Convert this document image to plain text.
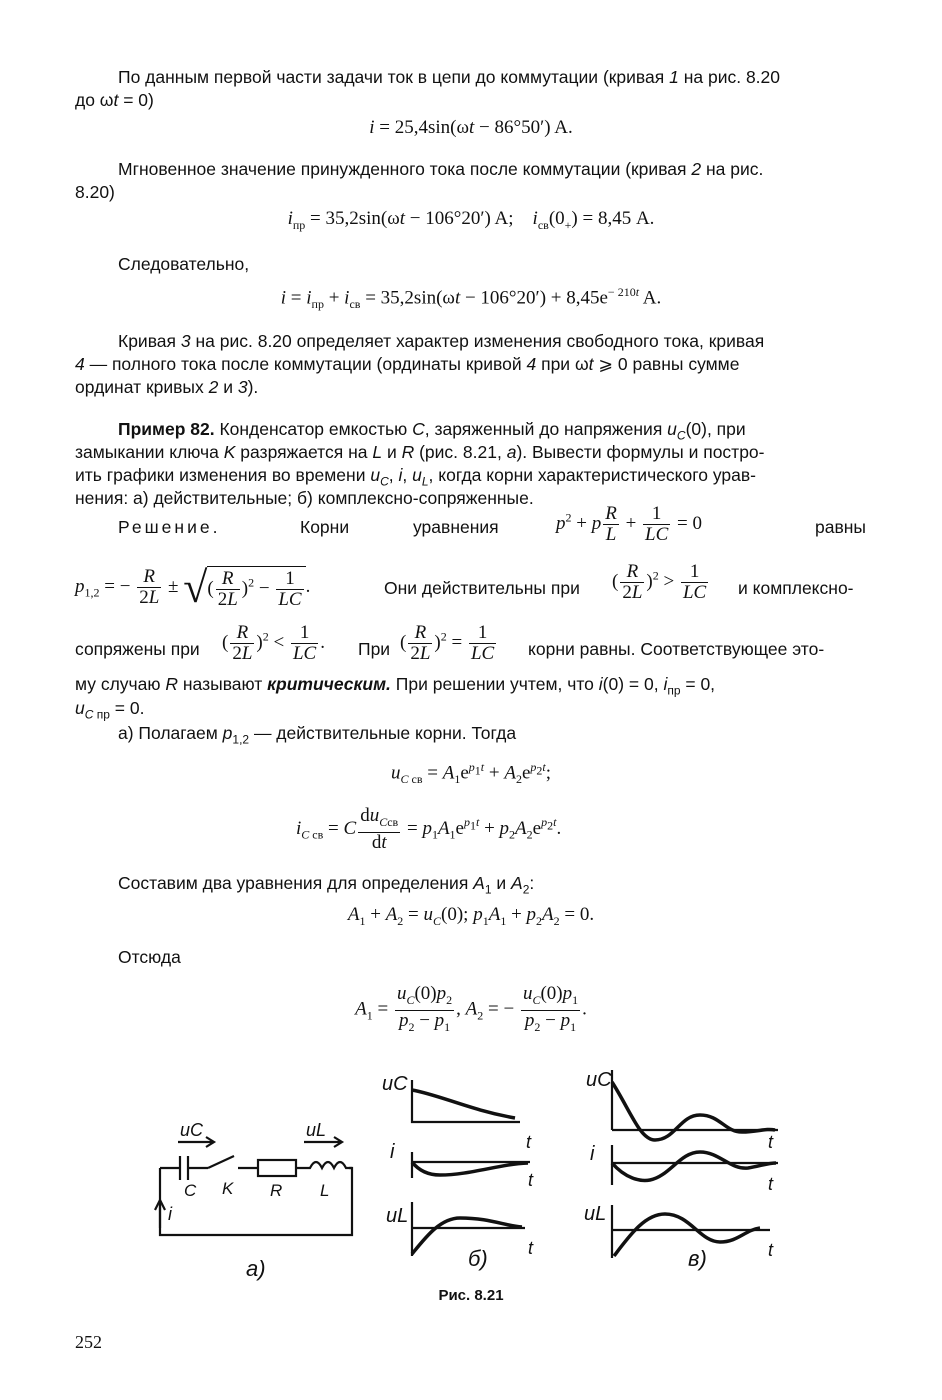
По данным первой части задачи ток в цепи до коммутации (кривая 1 на рис. 8.20
до ωt = 0)
i = 25,4sin(ωt − 86°50′) A.
Мгновенное значение принужденного тока после коммутации (кривая 2 на рис.
8.20)
$i_{пр} = 35,2\sin(\omega t - 106^\circ 20')$ A;    $i_{св}(0_+) = 8,45$ A.
Следовательно,
$i = i_{пр} + i_{св} = 35,2\sin(\omega t - 106^\circ 20') + 8,45e^{- 210t}$ A.
Кривая 3 на рис. 8.20 определяет характер изменения свободного тока, кривая
4 — полного тока после коммутации (ординаты кривой 4 при ωt ⩾ 0 равны сумме
ординат кривых 2 и 3).
Пример 82. Конденсатор емкостью C, заряженный до напряжения $u_C(0)$, при
замыкании ключа K разряжается на L и R (рис. 8.21, a). Вывести формулы и постро-
ить графики изменения во времени $u_C$, i, $u_L$, когда корни характеристического урав-
нения: а) действительные; б) комплексно-сопряженные.
Решение.	Корни	уравнения	$p^2 + p \frac{R}{L} + \frac{1}{LC} = 0$	равны
$p_{1,2}$ = − $\frac{R}{2L}$ ± √( $\frac{R}{2L} )^2 - \frac{1}{LC}$ .	Они действительны при ( $\frac{R}{2L} )^2 > \frac{1}{LC}$ и комплексно-
сопряжены при ( $\frac{R}{2L} )^2 < \frac{1}{LC}$ . При ( $\frac{R}{2L} )^2 = \frac{1}{LC}$ корни равны. Соответствующее это-
му случаю R называют критическим. При решении учтем, что i(0) = 0, $i_{пр} = 0$,
$u_{C пр} = 0$.
а) Полагаем $p_{1,2}$ — действительные корни. Тогда
$u_{C св} = A_1e^{p_1t} + A_2e^{p_2t}$;
$i_{C св} = C \frac{du_{Cсв}}{dt} = p_1A_1e^{p_1t} + p_2A_2e^{p_2t}$.
Составим два уравнения для определения $A_1$ и $A_2$:
$A_1 + A_2 = u_C(0)$; $p_1A_1 + p_2A_2 = 0$.
Отсюда
$A_1 = \frac{u_C(0)p_2}{p_2 - p_1}$ , $A_2$ = − $\frac{u_C(0)p_1}{p_2 - p_1}$ .
uC
C K R L
i
uL
a)
uC
t
i
t
uL
t
б)
uC
t
i
t
uL
t
в)
Рис. 8.21
252
